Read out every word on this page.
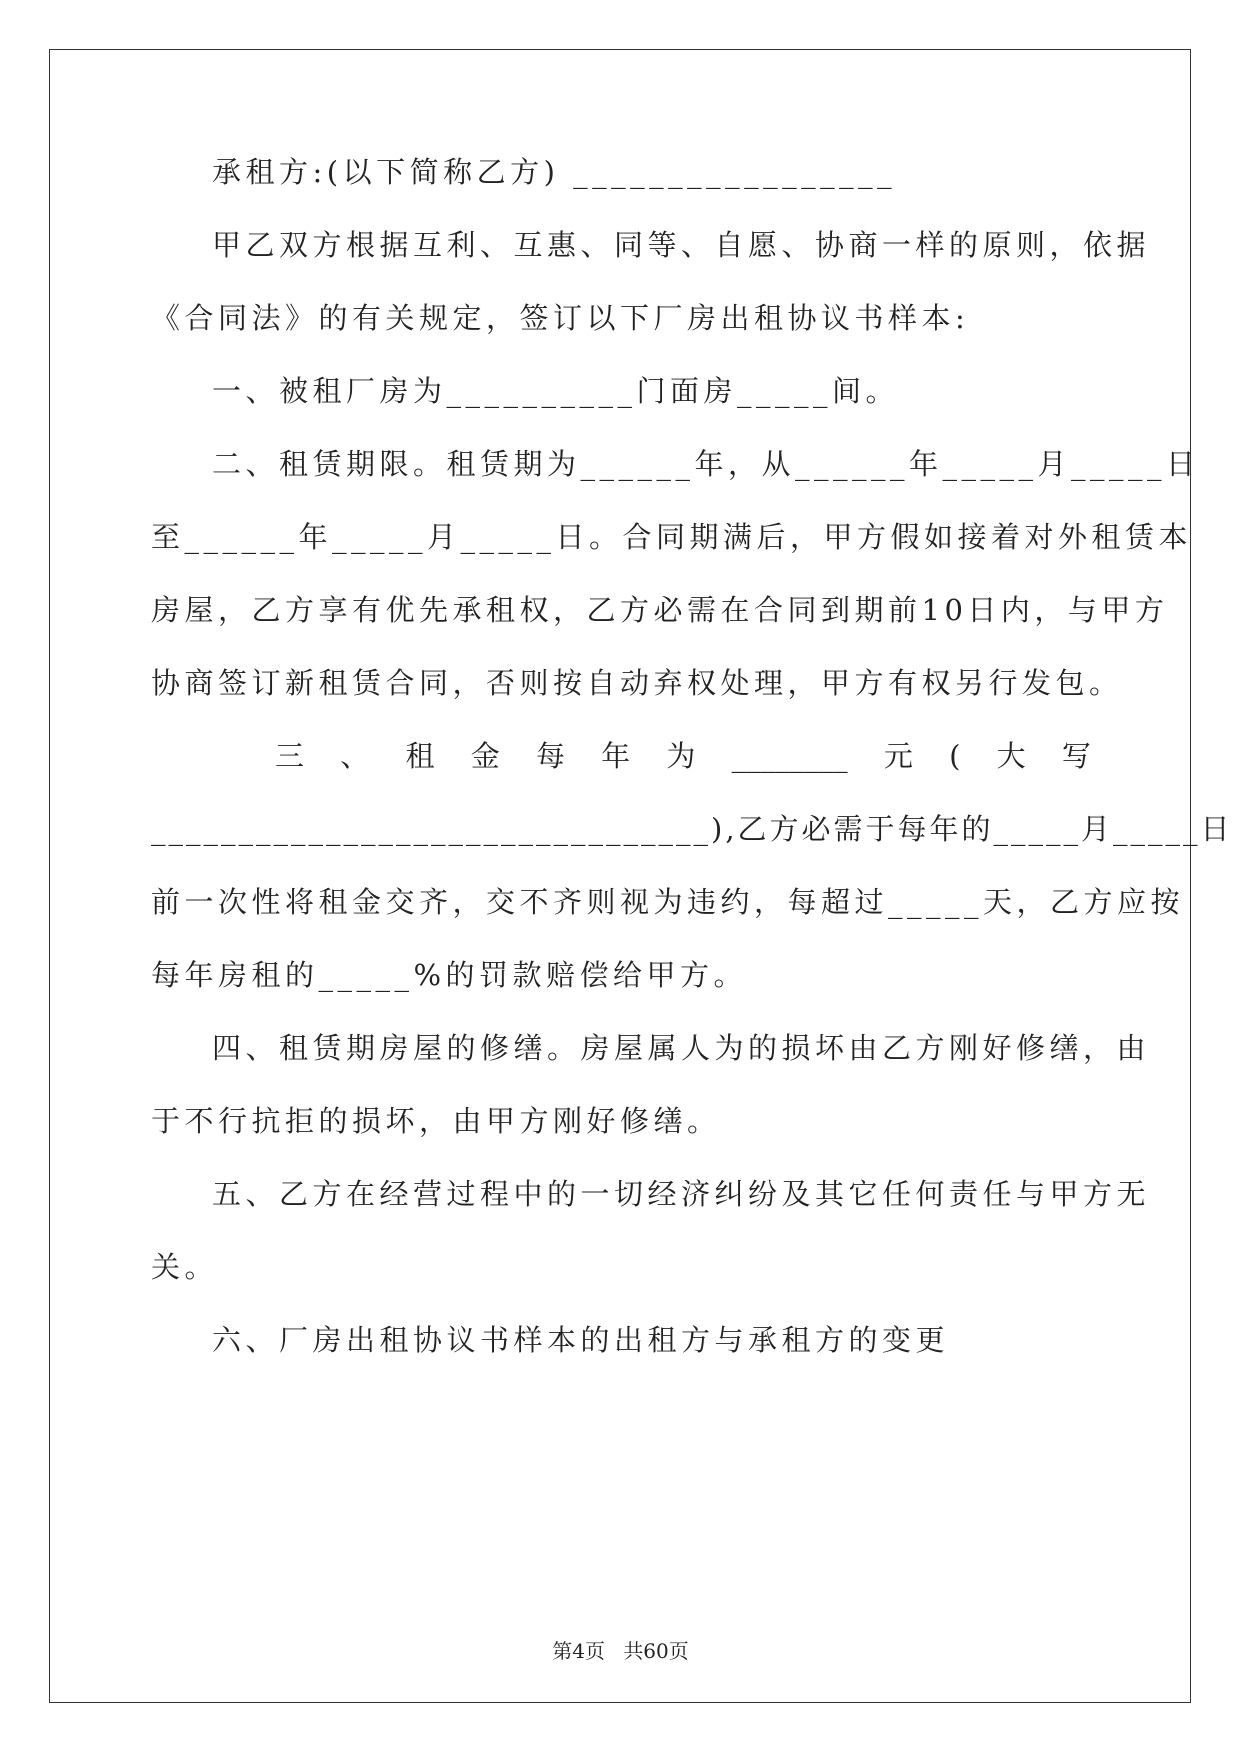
承租方:(以下简称乙方) _________________
甲乙双方根据互利、互惠、同等、自愿、协商一样的原则，依据
《合同法》的有关规定，签订以下厂房出租协议书样本:
一、被租厂房为__________门面房_____间。
二、租赁期限。租赁期为______年，从______年_____月_____日
至______年_____月_____日。合同期满后，甲方假如接着对外租赁本
房屋，乙方享有优先承租权，乙方必需在合同到期前10日内，与甲方
协商签订新租赁合同，否则按自动弃权处理，甲方有权另行发包。
三 、 租 金 每 年 为 ________ 元 ( 大 写
________________________________),乙方必需于每年的_____月_____日
前一次性将租金交齐，交不齐则视为违约，每超过_____天，乙方应按
每年房租的_____%的罚款赔偿给甲方。
四、租赁期房屋的修缮。房屋属人为的损坏由乙方刚好修缮，由
于不行抗拒的损坏，由甲方刚好修缮。
五、乙方在经营过程中的一切经济纠纷及其它任何责任与甲方无
关。
六、厂房出租协议书样本的出租方与承租方的变更
第4页 共60页
